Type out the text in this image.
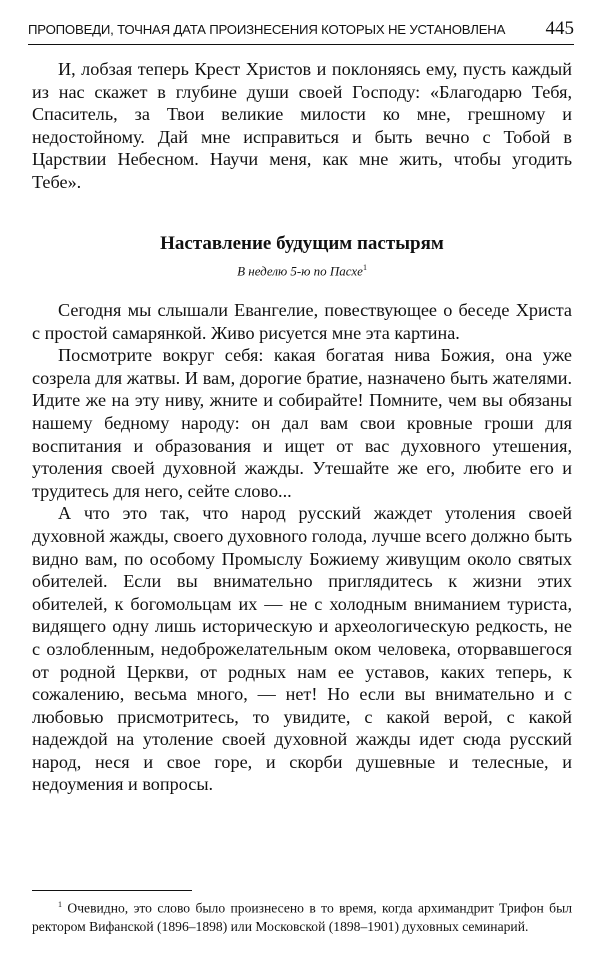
ПРОПОВЕДИ, ТОЧНАЯ ДАТА ПРОИЗНЕСЕНИЯ КОТОРЫХ НЕ УСТАНОВЛЕНА 445

И, лобзая теперь Крест Христов и поклоняясь ему, пусть каждый из нас скажет в глубине души своей Господу: «Благодарю Тебя, Спаситель, за Твои великие милости ко мне, грешному и недостойному. Дай мне исправиться и быть вечно с Тобой в Царствии Небесном. Научи меня, как мне жить, чтобы угодить Тебе».

Наставление будущим пастырям
В неделю 5-ю по Пасхе$^1$

Сегодня мы слышали Евангелие, повествующее о беседе Христа с простой самарянкой. Живо рисуется мне эта картина.

Посмотрите вокруг себя: какая богатая нива Божия, она уже созрела для жатвы. И вам, дорогие братие, назначено быть жателями. Идите же на эту ниву, жните и собирайте! Помните, чем вы обязаны нашему бедному народу: он дал вам свои кровные гроши для воспитания и образования и ищет от вас духовного утешения, утоления своей духовной жажды. Утешайте же его, любите его и трудитесь для него, сейте слово...

А что это так, что народ русский жаждет утоления своей духовной жажды, своего духовного голода, лучше всего должно быть видно вам, по особому Промыслу Божиему живущим около святых обителей. Если вы внимательно приглядитесь к жизни этих обителей, к богомольцам их — не с холодным вниманием туриста, видящего одну лишь историческую и археологическую редкость, не с озлобленным, недоброжелательным оком человека, оторвавшегося от родной Церкви, от родных нам ее уставов, каких теперь, к сожалению, весьма много, — нет! Но если вы внимательно и с любовью присмотритесь, то увидите, с какой верой, с какой надеждой на утоление своей духовной жажды идет сюда русский народ, неся и свое горе, и скорби душевные и телесные, и недоумения и вопросы.

$^1$ Очевидно, это слово было произнесено в то время, когда архимандрит Трифон был ректором Вифанской (1896–1898) или Московской (1898–1901) духовных семинарий.
